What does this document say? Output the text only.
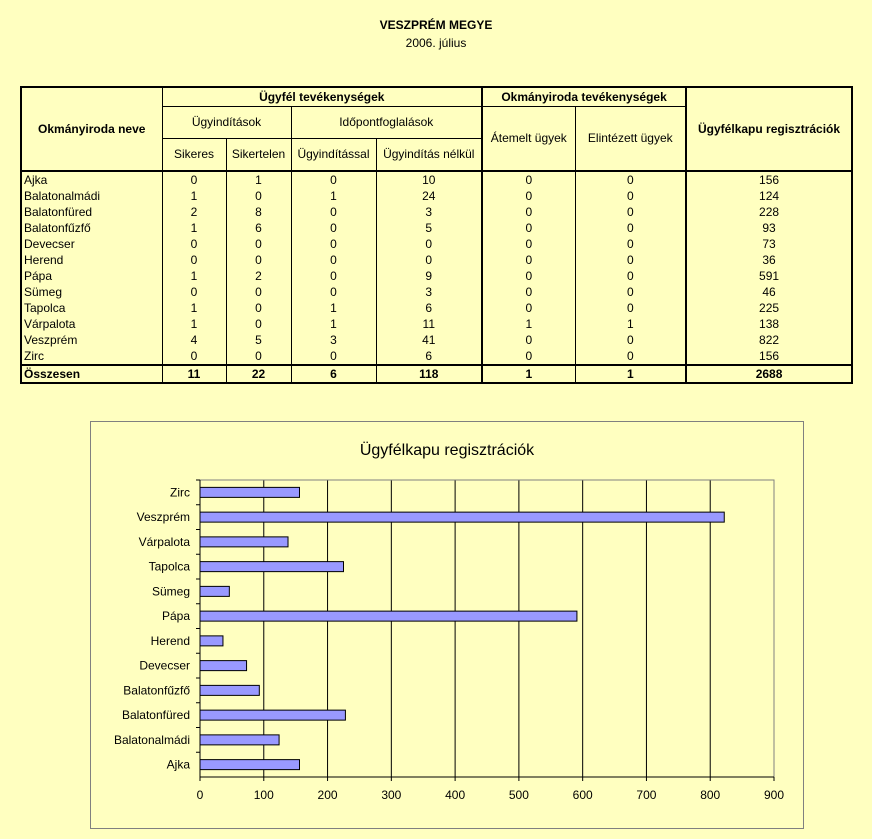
VESZPRÉM MEGYE
2006. július
Okmányiroda neve	Ügyfél tevékenységek				Okmányiroda tevékenységek		Ügyfélkapu regisztrációk
	Ügyindítások		Időpontfoglalások		Átemelt ügyek	Elintézett ügyek	
	Sikeres	Sikertelen	Ügyindítással	Ügyindítás nélkül			
Ajka	0	1	0	10	0	0	156
Balatonalmádi	1	0	1	24	0	0	124
Balatonfüred	2	8	0	3	0	0	228
Balatonfűzfő	1	6	0	5	0	0	93
Devecser	0	0	0	0	0	0	73
Herend	0	0	0	0	0	0	36
Pápa	1	2	0	9	0	0	591
Sümeg	0	0	0	3	0	0	46
Tapolca	1	0	1	6	0	0	225
Várpalota	1	0	1	11	1	1	138
Veszprém	4	5	3	41	0	0	822
Zirc	0	0	0	6	0	0	156
Összesen	11	22	6	118	1	1	2688
Zirc
Veszprém
Várpalota
Tapolca
Sümeg
Pápa
Herend
Devecser
Balatonfűzfő
Balatonfüred
Balatonalmádi
Ajka
0	100	200	300	400	500	600	700	800	900
Ügyfélkapu regisztrációk
